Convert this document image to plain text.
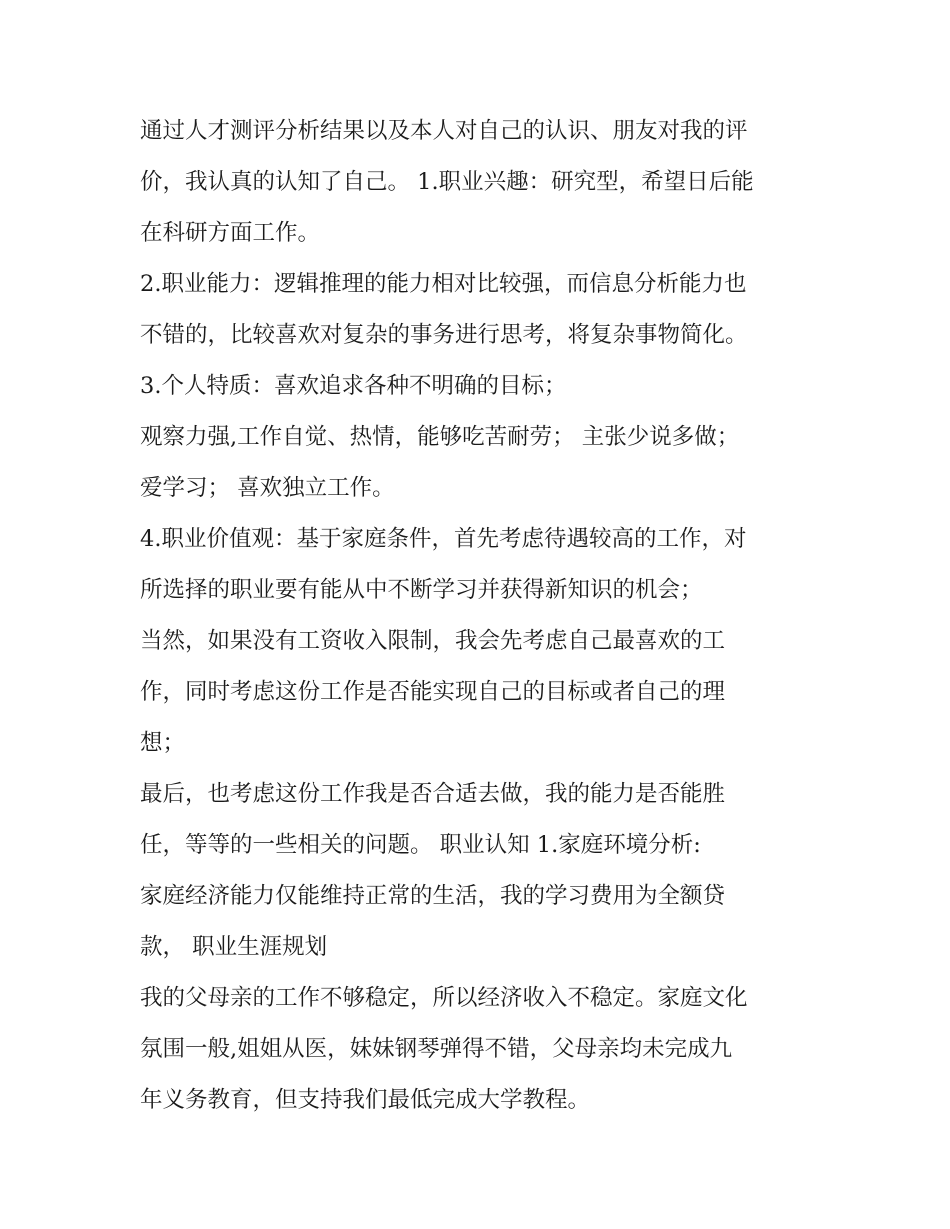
通过人才测评分析结果以及本人对自己的认识、朋友对我的评
价，我认真的认知了自己。 1.职业兴趣：研究型，希望日后能
在科研方面工作。
2.职业能力：逻辑推理的能力相对比较强，而信息分析能力也
不错的，比较喜欢对复杂的事务进行思考，将复杂事物简化。
3.个人特质：喜欢追求各种不明确的目标；
观察力强,工作自觉、热情，能够吃苦耐劳； 主张少说多做；
爱学习； 喜欢独立工作。
4.职业价值观：基于家庭条件，首先考虑待遇较高的工作，对
所选择的职业要有能从中不断学习并获得新知识的机会；
当然，如果没有工资收入限制，我会先考虑自己最喜欢的工
作，同时考虑这份工作是否能实现自己的目标或者自己的理
想；
最后，也考虑这份工作我是否合适去做，我的能力是否能胜
任，等等的一些相关的问题。 职业认知 1.家庭环境分析:
家庭经济能力仅能维持正常的生活，我的学习费用为全额贷
款， 职业生涯规划
我的父母亲的工作不够稳定，所以经济收入不稳定。家庭文化
氛围一般,姐姐从医，妹妹钢琴弹得不错，父母亲均未完成九
年义务教育，但支持我们最低完成大学教程。
